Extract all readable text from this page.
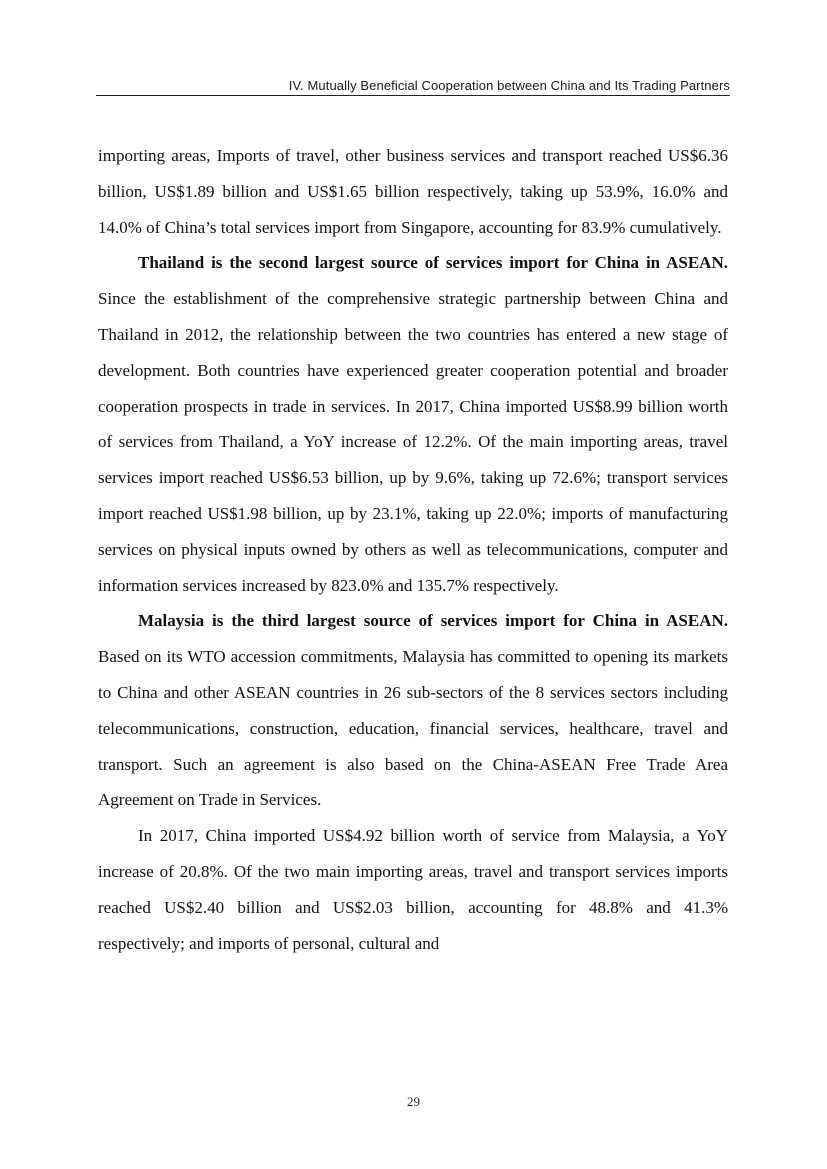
IV. Mutually Beneficial Cooperation between China and Its Trading Partners

importing areas, Imports of travel, other business services and transport reached US$6.36 billion, US$1.89 billion and US$1.65 billion respectively, taking up 53.9%, 16.0% and 14.0% of China’s total services import from Singapore, accounting for 83.9% cumulatively.

Thailand is the second largest source of services import for China in ASEAN. Since the establishment of the comprehensive strategic partnership between China and Thailand in 2012, the relationship between the two countries has entered a new stage of development. Both countries have experienced greater cooperation potential and broader cooperation prospects in trade in services. In 2017, China imported US$8.99 billion worth of services from Thailand, a YoY increase of 12.2%. Of the main importing areas, travel services import reached US$6.53 billion, up by 9.6%, taking up 72.6%; transport services import reached US$1.98 billion, up by 23.1%, taking up 22.0%; imports of manufacturing services on physical inputs owned by others as well as telecommunications, computer and information services increased by 823.0% and 135.7% respectively.

Malaysia is the third largest source of services import for China in ASEAN. Based on its WTO accession commitments, Malaysia has committed to opening its markets to China and other ASEAN countries in 26 sub-sectors of the 8 services sectors including telecommunications, construction, education, financial services, healthcare, travel and transport. Such an agreement is also based on the China-ASEAN Free Trade Area Agreement on Trade in Services.

In 2017, China imported US$4.92 billion worth of service from Malaysia, a YoY increase of 20.8%. Of the two main importing areas, travel and transport services imports reached US$2.40 billion and US$2.03 billion, accounting for 48.8% and 41.3% respectively; and imports of personal, cultural and

29
